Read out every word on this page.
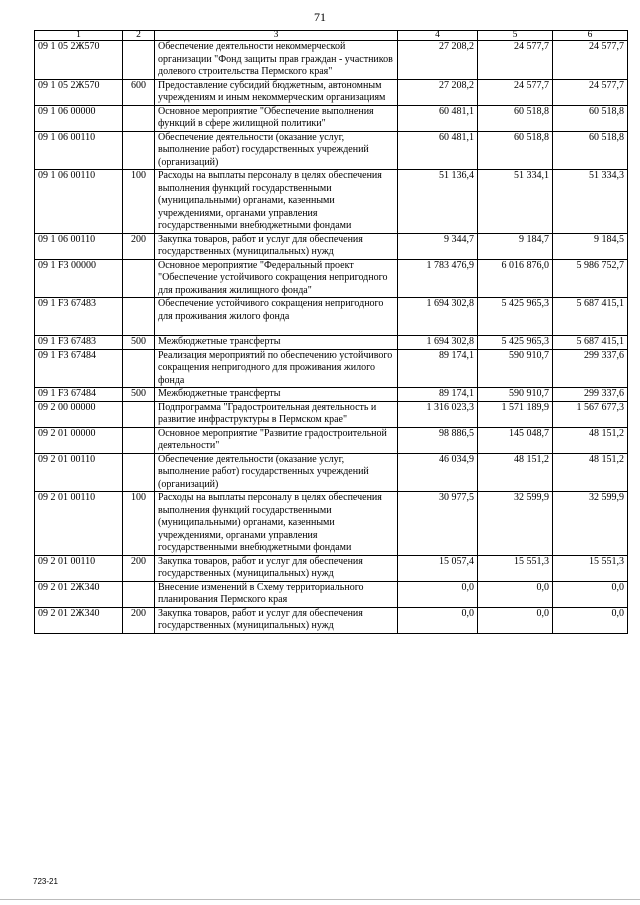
71
1	2	3	4	5	6
09 1 05 2Ж570		Обеспечение деятельности некоммерческой организации "Фонд защиты прав граждан - участников долевого строительства Пермского края"	27 208,2	24 577,7	24 577,7
09 1 05 2Ж570	600	Предоставление субсидий бюджетным, автономным учреждениям и иным некоммерческим организациям	27 208,2	24 577,7	24 577,7
09 1 06 00000		Основное мероприятие "Обеспечение выполнения функций в сфере жилищной политики"	60 481,1	60 518,8	60 518,8
09 1 06 00110		Обеспечение деятельности (оказание услуг, выполнение работ) государственных учреждений (организаций)	60 481,1	60 518,8	60 518,8
09 1 06 00110	100	Расходы на выплаты персоналу в целях обеспечения выполнения функций государственными (муниципальными) органами, казенными учреждениями, органами управления государственными внебюджетными фондами	51 136,4	51 334,1	51 334,3
09 1 06 00110	200	Закупка товаров, работ и услуг для обеспечения государственных (муниципальных) нужд	9 344,7	9 184,7	9 184,5
09 1 F3 00000		Основное мероприятие "Федеральный проект "Обеспечение устойчивого сокращения непригодного для проживания жилищного фонда"	1 783 476,9	6 016 876,0	5 986 752,7
09 1 F3 67483		Обеспечение устойчивого сокращения непригодного для проживания жилого фонда	1 694 302,8	5 425 965,3	5 687 415,1
09 1 F3 67483	500	Межбюджетные трансферты	1 694 302,8	5 425 965,3	5 687 415,1
09 1 F3 67484		Реализация мероприятий по обеспечению устойчивого сокращения непригодного для проживания жилого фонда	89 174,1	590 910,7	299 337,6
09 1 F3 67484	500	Межбюджетные трансферты	89 174,1	590 910,7	299 337,6
09 2 00 00000		Подпрограмма "Градостроительная деятельность и развитие инфраструктуры в Пермском крае"	1 316 023,3	1 571 189,9	1 567 677,3
09 2 01 00000		Основное мероприятие "Развитие градостроительной деятельности"	98 886,5	145 048,7	48 151,2
09 2 01 00110		Обеспечение деятельности (оказание услуг, выполнение работ) государственных учреждений (организаций)	46 034,9	48 151,2	48 151,2
09 2 01 00110	100	Расходы на выплаты персоналу в целях обеспечения выполнения функций государственными (муниципальными) органами, казенными учреждениями, органами управления государственными внебюджетными фондами	30 977,5	32 599,9	32 599,9
09 2 01 00110	200	Закупка товаров, работ и услуг для обеспечения государственных (муниципальных) нужд	15 057,4	15 551,3	15 551,3
09 2 01 2Ж340		Внесение изменений в Схему территориального планирования Пермского края	0,0	0,0	0,0
09 2 01 2Ж340	200	Закупка товаров, работ и услуг для обеспечения государственных (муниципальных) нужд	0,0	0,0	0,0
723-21
